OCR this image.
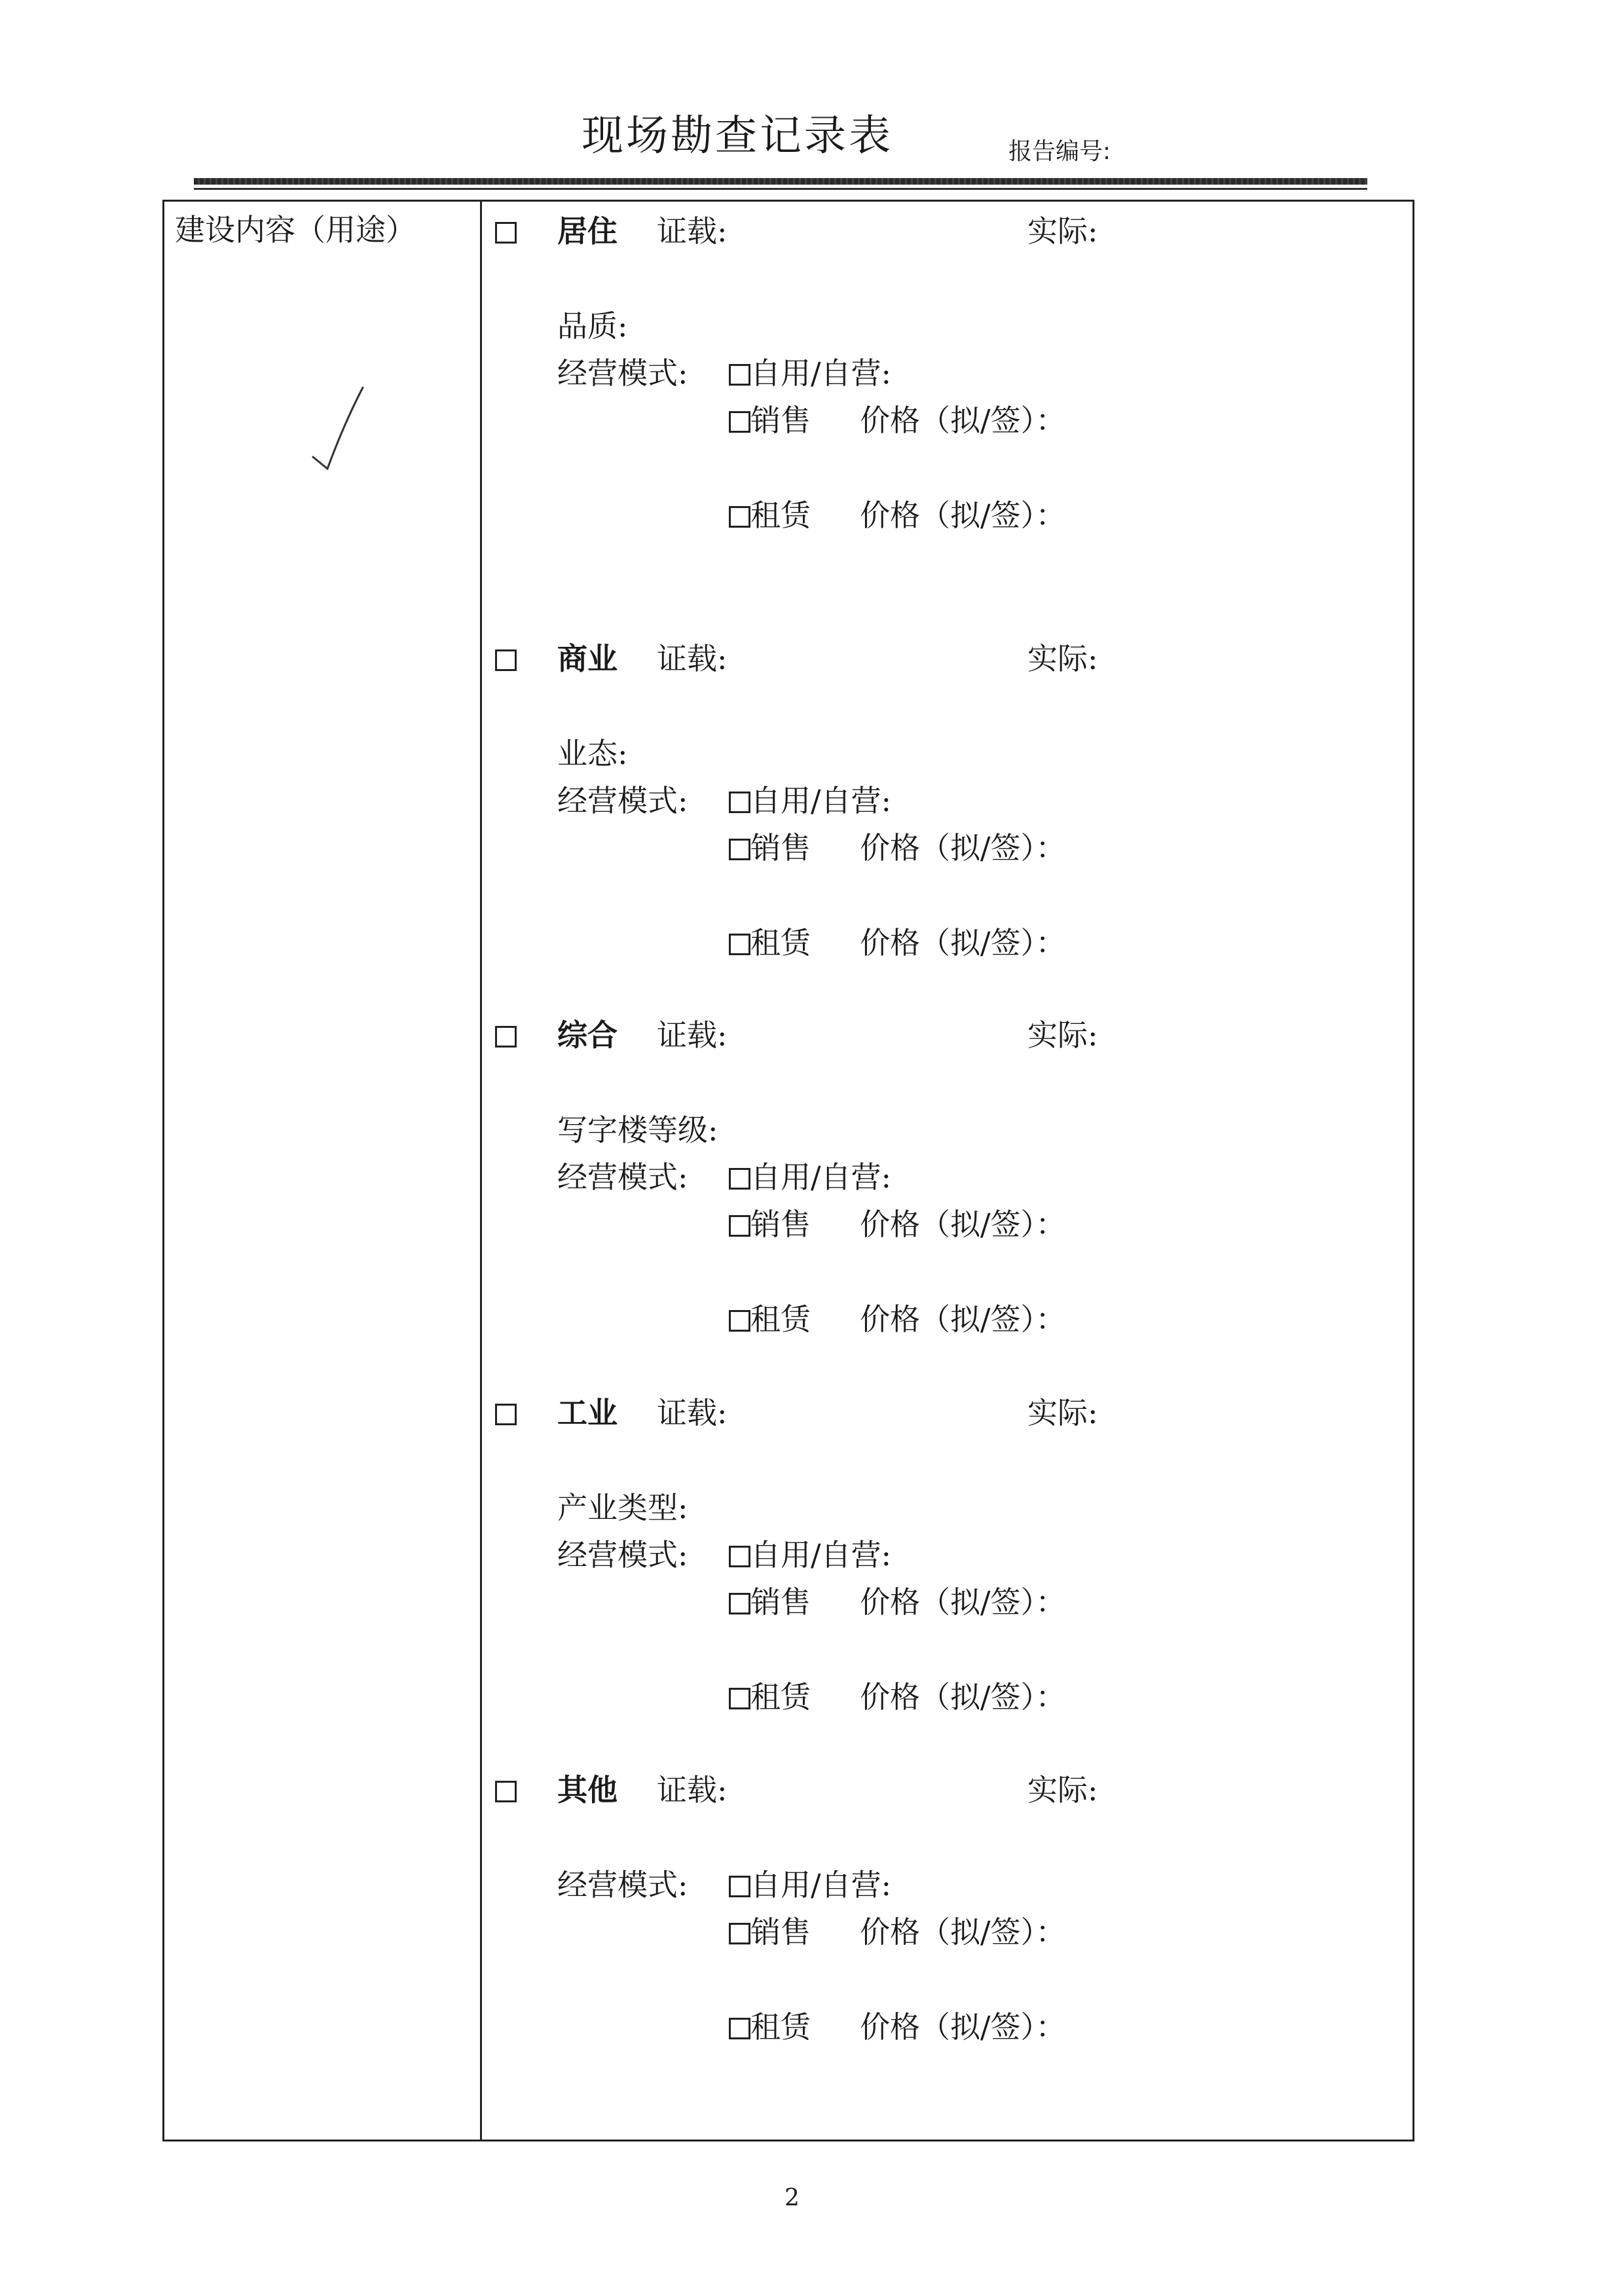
现场勘查记录表	报告编号:
建设内容（用途）	居住 证载:	实际:
品质:
经营模式:	自用/自营:
销售 价格（拟/签）：
租赁 价格（拟/签）：
商业 证载:	实际:
业态:
经营模式:	自用/自营:
销售 价格（拟/签）：
租赁 价格（拟/签）：
综合 证载:	实际:
写字楼等级:
经营模式:	自用/自营:
销售 价格（拟/签）：
租赁 价格（拟/签）：
工业 证载:	实际:
产业类型:
经营模式:	自用/自营:
销售 价格（拟/签）：
租赁 价格（拟/签）：
其他 证载:	实际:
经营模式:	自用/自营:
销售 价格（拟/签）：
租赁 价格（拟/签）：
2
